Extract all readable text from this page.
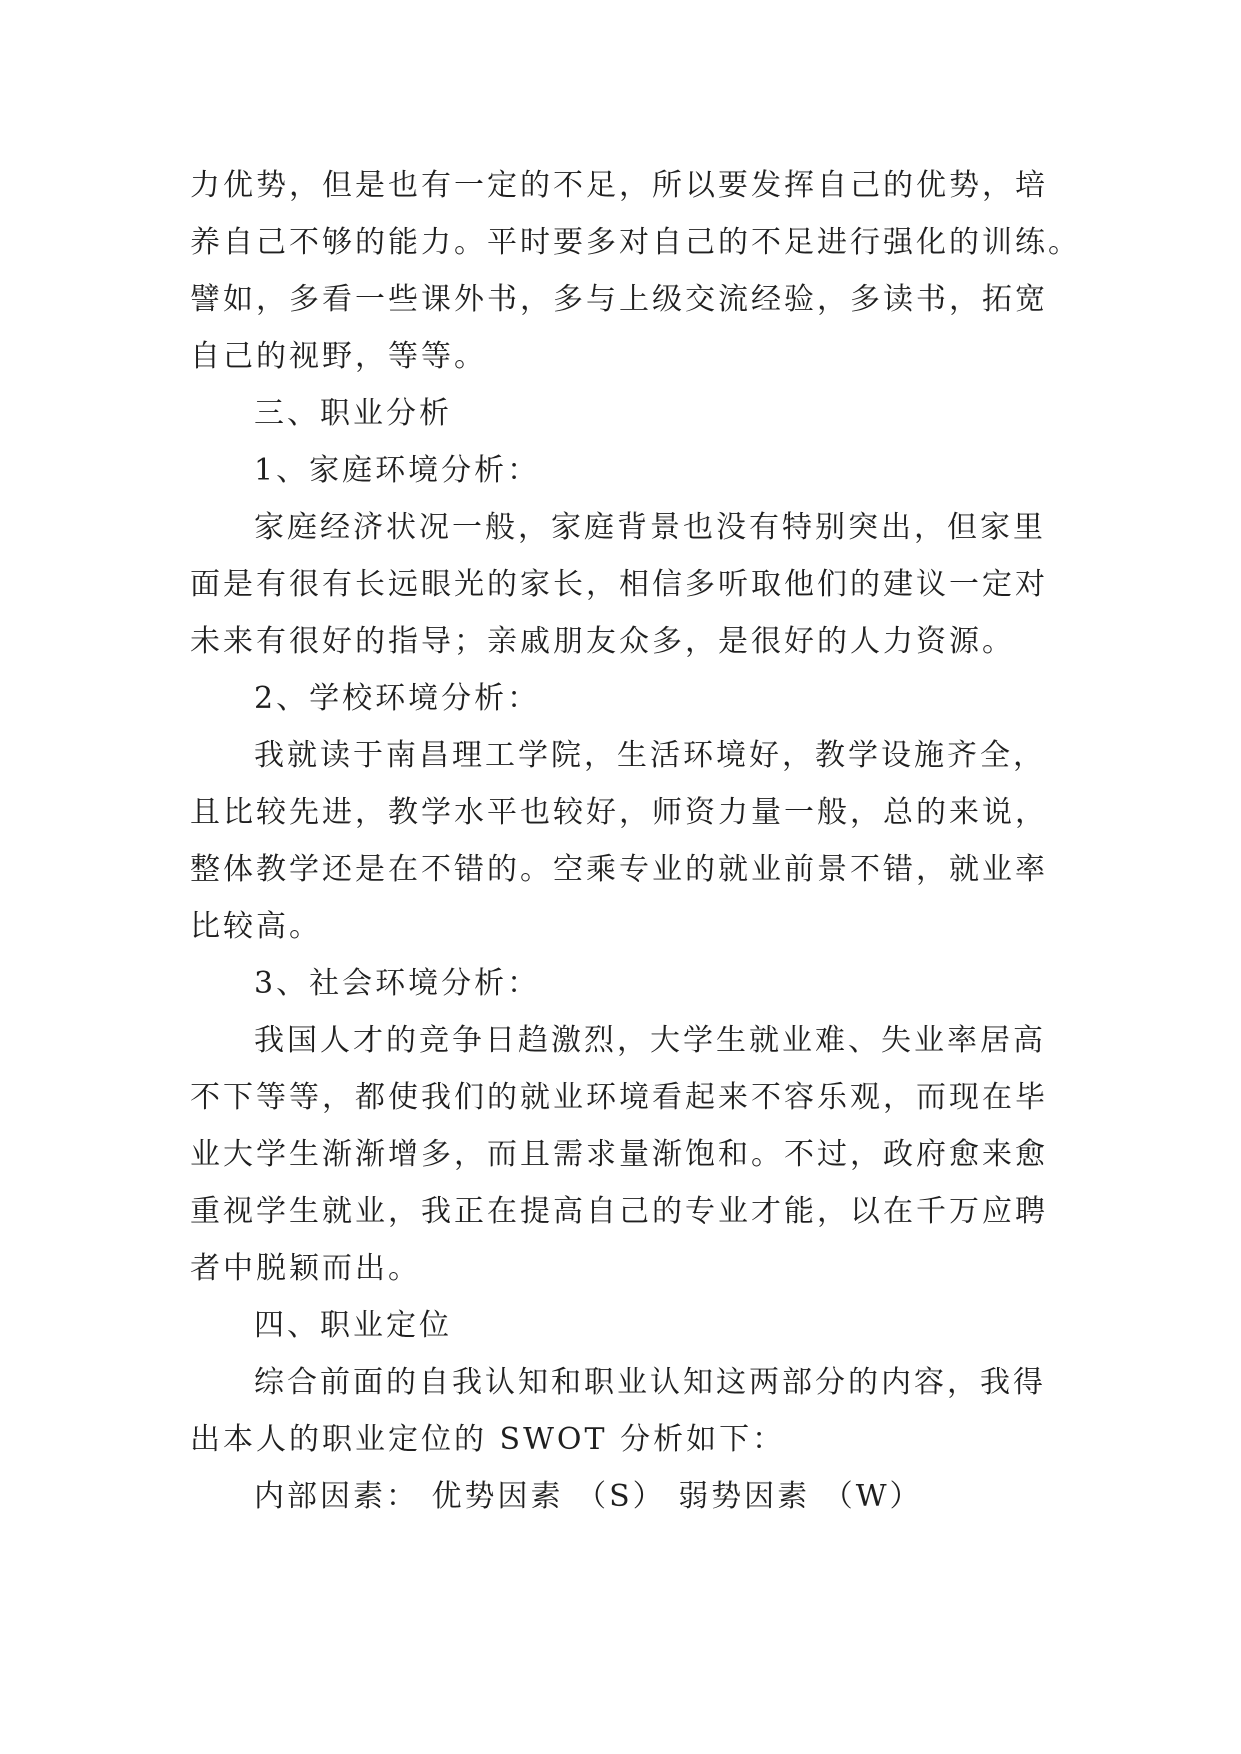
力优势，但是也有一定的不足，所以要发挥自己的优势，培
养自己不够的能力。平时要多对自己的不足进行强化的训练。
譬如，多看一些课外书，多与上级交流经验，多读书，拓宽
自己的视野，等等。
三、职业分析
1、家庭环境分析：
家庭经济状况一般，家庭背景也没有特别突出，但家里
面是有很有长远眼光的家长，相信多听取他们的建议一定对
未来有很好的指导；亲戚朋友众多，是很好的人力资源。
2、学校环境分析：
我就读于南昌理工学院，生活环境好，教学设施齐全，
且比较先进，教学水平也较好，师资力量一般，总的来说，
整体教学还是在不错的。空乘专业的就业前景不错，就业率
比较高。
3、社会环境分析：
我国人才的竞争日趋激烈，大学生就业难、失业率居高
不下等等，都使我们的就业环境看起来不容乐观，而现在毕
业大学生渐渐增多，而且需求量渐饱和。不过，政府愈来愈
重视学生就业，我正在提高自己的专业才能，以在千万应聘
者中脱颖而出。
四、职业定位
综合前面的自我认知和职业认知这两部分的内容，我得
出本人的职业定位的 SWOT 分析如下：
内部因素： 优势因素 （S） 弱势因素 （W）
